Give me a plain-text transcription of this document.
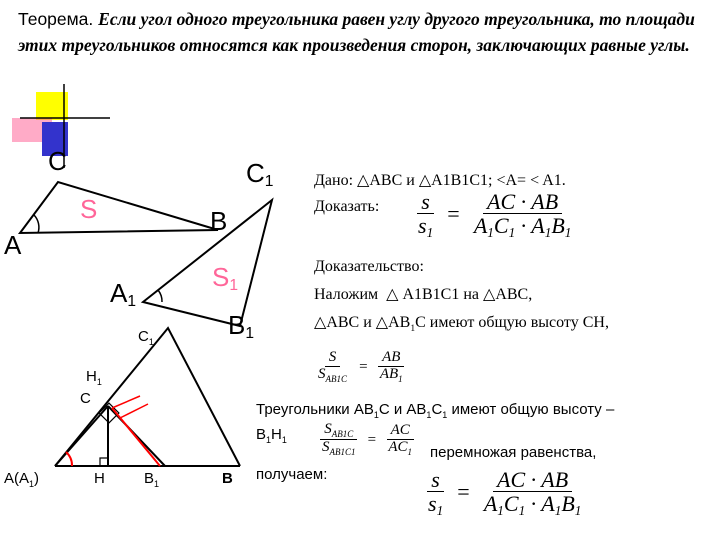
Теорема. Если угол одного треугольника равен углу другого треугольника, то площади этих треугольников относятся как произведения сторон, заключающих равные углы.
C	$C_1$
S
A
B
$A_1$
$S_1$
$B_1$
$C_1$
$H_1$
C
$A(A_1)$	H	$B_1$	B
Дано: △ABC и △A1B1C1; <A= < A1.
Доказать: $\frac{s}{s_1} = \frac{AC \cdot AB}{A_1C_1 \cdot A_1B_1}$
Доказательство:
Наложим  △ A1B1C1 на △ABC,
△ABC и $\triangle AB_1C$ имеют общую высоту CH,
$\frac{S}{S_{AB1C}} = \frac{AB}{AB_1}$
Треугольники $AB_1C$ и $AB_1C_1$ имеют общую высоту –
$B_1H_1$	$\frac{S_{AB1C}}{S_{AB1C1}} = \frac{AC}{AC_1}$ перемножая равенства,
получаем:	$\frac{s}{s_1} = \frac{AC \cdot AB}{A_1C_1 \cdot A_1B_1}$
